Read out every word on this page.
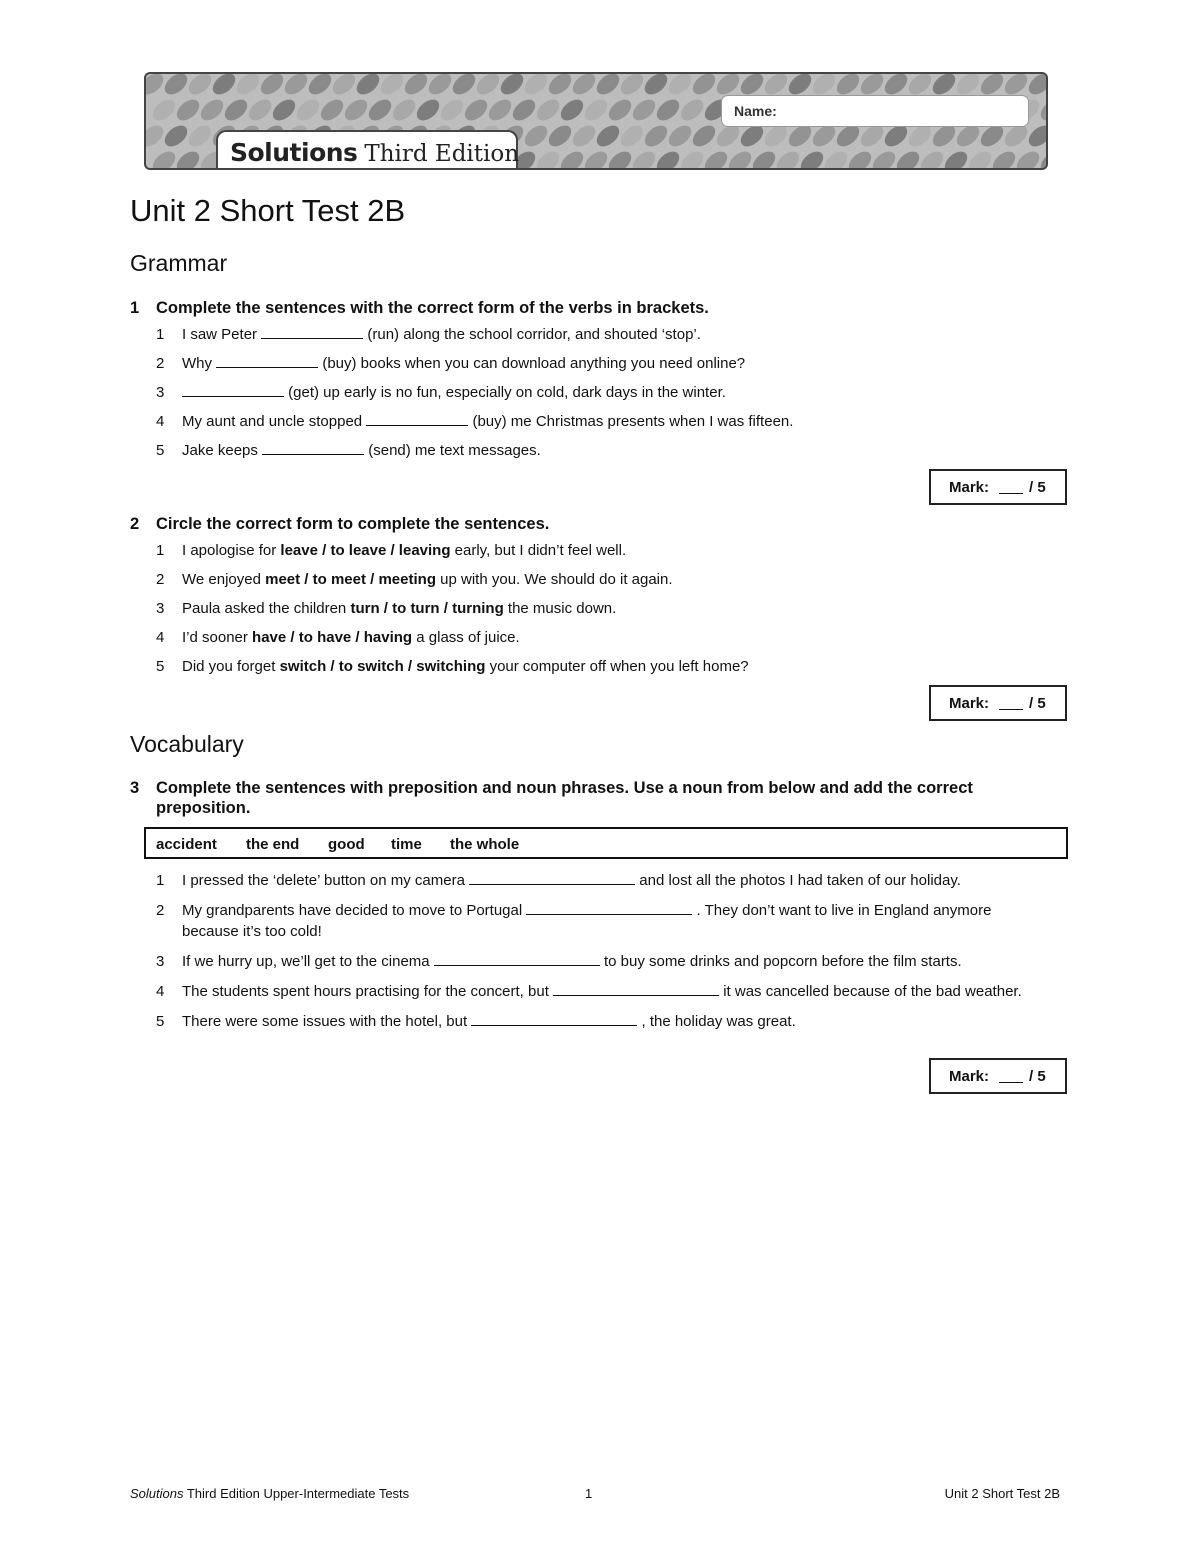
Name:
Solutions Third Edition
Unit 2 Short Test 2B
Grammar
1 Complete the sentences with the correct form of the verbs in brackets.
1 I saw Peter	(run) along the school corridor, and shouted ‘stop’.
2 Why	(buy) books when you can download anything you need online?
3	(get) up early is no fun, especially on cold, dark days in the winter.
4 My aunt and uncle stopped	(buy) me Christmas presents when I was fifteen.
5 Jake keeps	(send) me text messages.
Mark:	/ 5
2 Circle the correct form to complete the sentences.
1 I apologise for leave / to leave / leaving early, but I didn’t feel well.
2 We enjoyed meet / to meet / meeting up with you. We should do it again.
3 Paula asked the children turn / to turn / turning the music down.
4 I’d sooner have / to have / having a glass of juice.
5 Did you forget switch / to switch / switching your computer off when you left home?
Mark:	/ 5
Vocabulary
3 Complete the sentences with preposition and noun phrases. Use a noun from below and add the correct preposition.
accident the end good time the whole
1 I pressed the ‘delete’ button on my camera	and lost all the photos I had taken of our holiday.
2 My grandparents have decided to move to Portugal	. They don’t want to live in England anymore because it’s too cold!
3 If we hurry up, we’ll get to the cinema	to buy some drinks and popcorn before the film starts.
4 The students spent hours practising for the concert, but	it was cancelled because of the bad weather.
5 There were some issues with the hotel, but	, the holiday was great.
Mark:	/ 5
Solutions Third Edition Upper-Intermediate Tests	1	Unit 2 Short Test 2B
